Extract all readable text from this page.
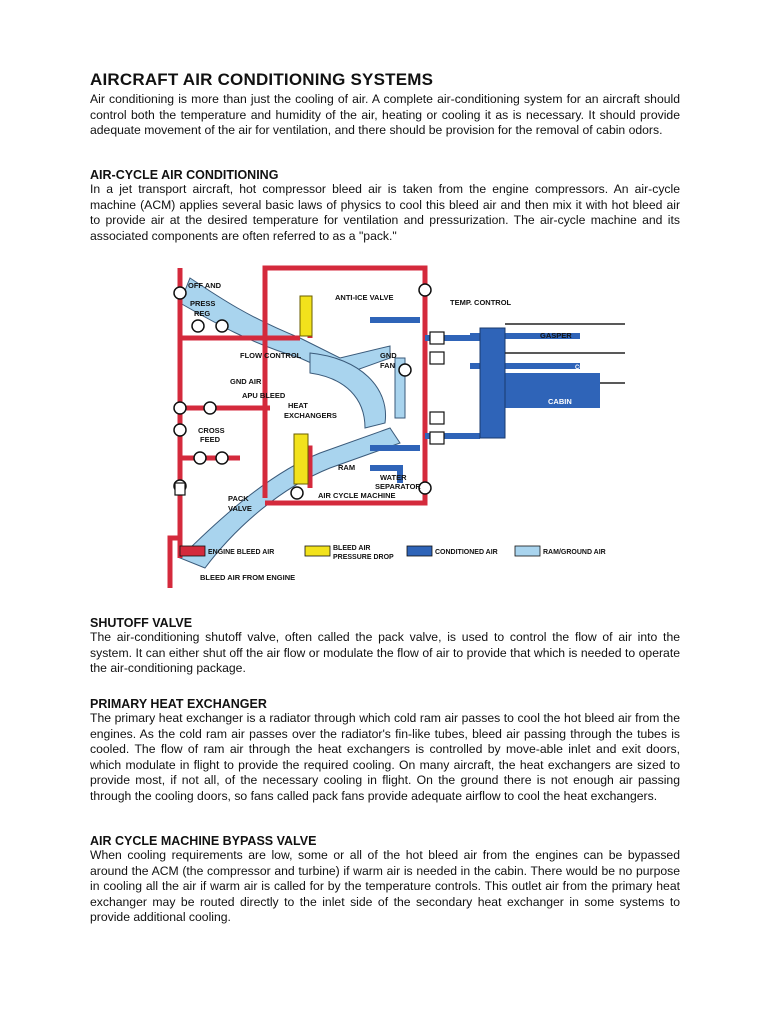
AIRCRAFT AIR CONDITIONING SYSTEMS

Air conditioning is more than just the cooling of air. A complete air-conditioning system for an aircraft should control both the temperature and humidity of the air, heating or cooling it as is necessary. It should provide adequate movement of the air for ventilation, and there should be provision for the removal of cabin odors.

AIR-CYCLE AIR CONDITIONING

In a jet transport aircraft, hot compressor bleed air is taken from the engine compressors. An air-cycle machine (ACM) applies several basic laws of physics to cool this bleed air and then mix it with hot bleed air to provide air at the desired temperature for ventilation and pressurization. The air-cycle machine and its associated components are often referred to as a "pack."

OFF AND
PRESS
REG
ANTI-ICE VALVE
TEMP. CONTROL
GASPER
COCKPIT
CABIN
FLOW CONTROL	GND
FAN
GND AIR
APU BLEED
HEAT
EXCHANGERS
CROSS
FEED
RAM
WATER
SEPARATOR
PACK
VALVE
AIR CYCLE MACHINE
BLEED AIR FROM ENGINE
ENGINE BLEED AIR
BLEED AIR
PRESSURE DROP
CONDITIONED AIR	RAM/GROUND AIR
SHUTOFF VALVE

The air-conditioning shutoff valve, often called the pack valve, is used to control the flow of air into the system. It can either shut off the air flow or modulate the flow of air to provide that which is needed to operate the air-conditioning package.

PRIMARY HEAT EXCHANGER

The primary heat exchanger is a radiator through which cold ram air passes to cool the hot bleed air from the engines. As the cold ram air passes over the radiator's fin-like tubes, bleed air passing through the tubes is cooled. The flow of ram air through the heat exchangers is controlled by move-able inlet and exit doors, which modulate in flight to provide the required cooling. On many aircraft, the heat exchangers are sized to provide most, if not all, of the necessary cooling in flight. On the ground there is not enough air passing through the cooling doors, so fans called pack fans provide adequate airflow to cool the heat exchangers.

AIR CYCLE MACHINE BYPASS VALVE

When cooling requirements are low, some or all of the hot bleed air from the engines can be bypassed around the ACM (the compressor and turbine) if warm air is needed in the cabin. There would be no purpose in cooling all the air if warm air is called for by the temperature controls. This outlet air from the primary heat exchanger may be routed directly to the inlet side of the secondary heat exchanger in some systems to provide additional cooling.
